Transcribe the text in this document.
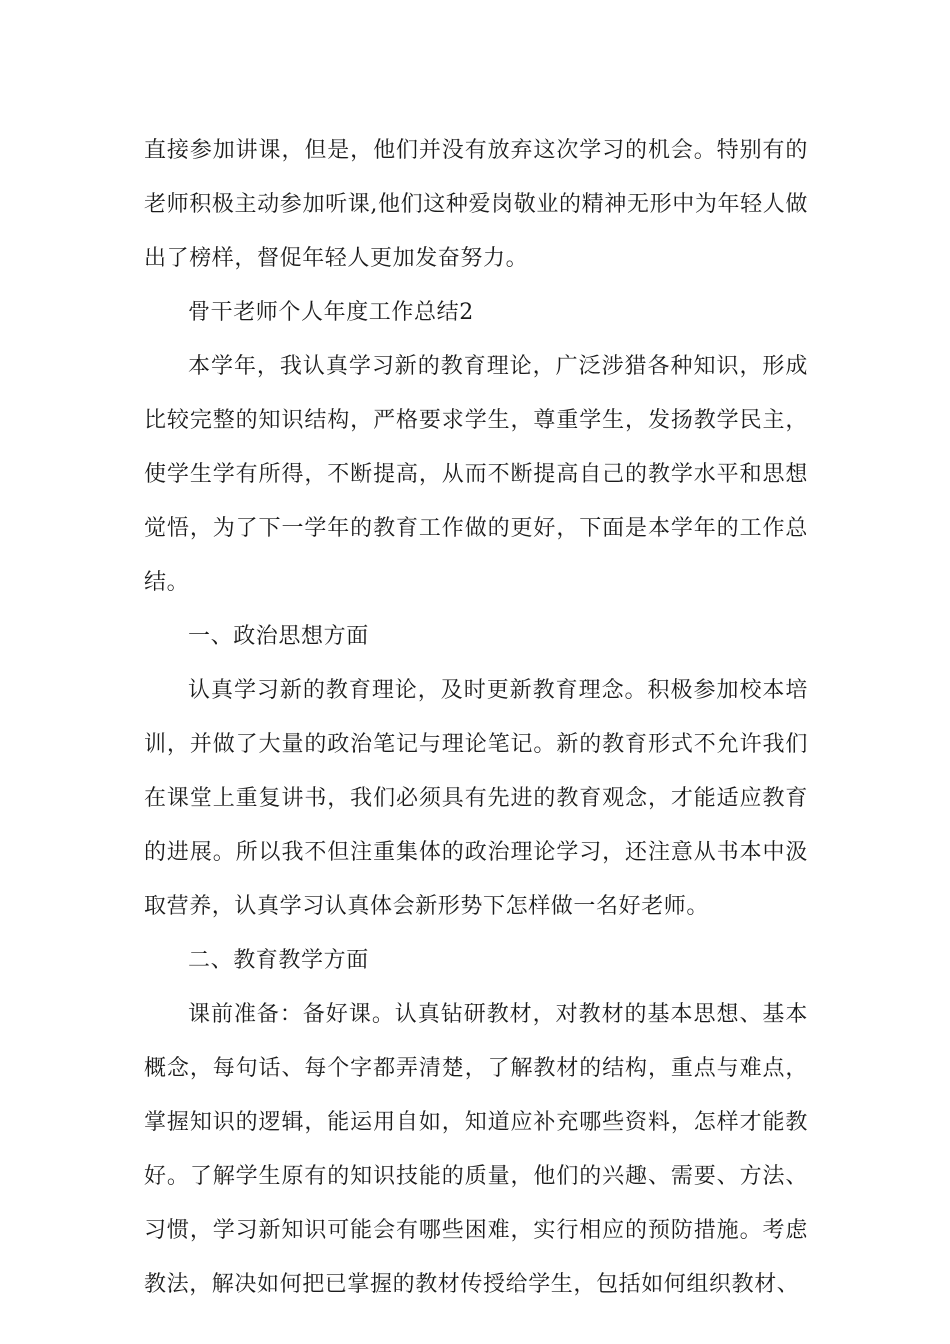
直接参加讲课，但是，他们并没有放弃这次学习的机会。特别有的老师积极主动参加听课,他们这种爱岗敬业的精神无形中为年轻人做出了榜样，督促年轻人更加发奋努力。
骨干老师个人年度工作总结2
本学年，我认真学习新的教育理论，广泛涉猎各种知识，形成比较完整的知识结构，严格要求学生，尊重学生，发扬教学民主，使学生学有所得，不断提高，从而不断提高自己的教学水平和思想觉悟，为了下一学年的教育工作做的更好，下面是本学年的工作总结。
一、政治思想方面
认真学习新的教育理论，及时更新教育理念。积极参加校本培训，并做了大量的政治笔记与理论笔记。新的教育形式不允许我们在课堂上重复讲书，我们必须具有先进的教育观念，才能适应教育的进展。所以我不但注重集体的政治理论学习，还注意从书本中汲取营养，认真学习认真体会新形势下怎样做一名好老师。
二、教育教学方面
课前准备：备好课。认真钻研教材，对教材的基本思想、基本概念，每句话、每个字都弄清楚，了解教材的结构，重点与难点，掌握知识的逻辑，能运用自如，知道应补充哪些资料，怎样才能教好。了解学生原有的知识技能的质量，他们的兴趣、需要、方法、习惯，学习新知识可能会有哪些困难，实行相应的预防措施。考虑教法，解决如何把已掌握的教材传授给学生，包括如何组织教材、
